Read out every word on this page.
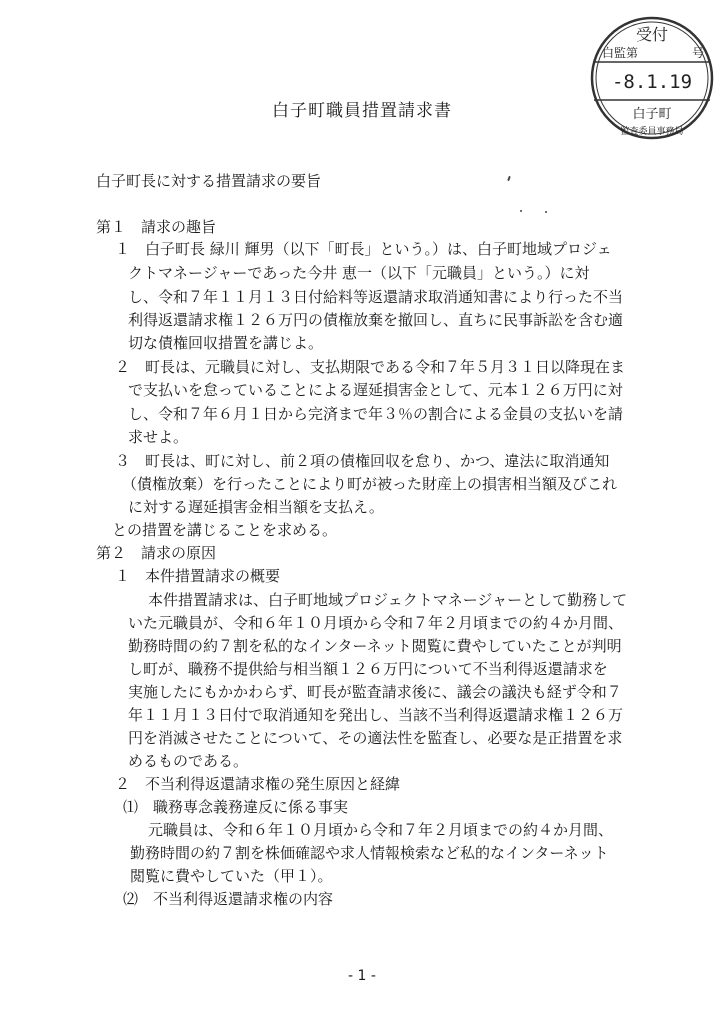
受付
白監第	号
-8.1.19
白子町
監査委員事務局
白子町職員措置請求書
白子町長に対する措置請求の要旨
第１　請求の趣旨
１　白子町長 緑川 輝男（以下「町長」という。）は、白子町地域プロジェ
クトマネージャーであった今井 恵一（以下「元職員」という。）に対
し、令和７年１１月１３日付給料等返還請求取消通知書により行った不当
利得返還請求権１２６万円の債権放棄を撤回し、直ちに民事訴訟を含む適
切な債権回収措置を講じよ。
２　町長は、元職員に対し、支払期限である令和７年５月３１日以降現在ま
で支払いを怠っていることによる遅延損害金として、元本１２６万円に対
し、令和７年６月１日から完済まで年３％の割合による金員の支払いを請
求せよ。
３　町長は、町に対し、前２項の債権回収を怠り、かつ、違法に取消通知
（債権放棄）を行ったことにより町が被った財産上の損害相当額及びこれ
に対する遅延損害金相当額を支払え。
との措置を講じることを求める。
第２　請求の原因
１　本件措置請求の概要
本件措置請求は、白子町地域プロジェクトマネージャーとして勤務して
いた元職員が、令和６年１０月頃から令和７年２月頃までの約４か月間、
勤務時間の約７割を私的なインターネット閲覧に費やしていたことが判明
し町が、職務不提供給与相当額１２６万円について不当利得返還請求を
実施したにもかかわらず、町長が監査請求後に、議会の議決も経ず令和７
年１１月１３日付で取消通知を発出し、当該不当利得返還請求権１２６万
円を消滅させたことについて、その適法性を監査し、必要な是正措置を求
めるものである。
２　不当利得返還請求権の発生原因と経緯
⑴　職務専念義務違反に係る事実
元職員は、令和６年１０月頃から令和７年２月頃までの約４か月間、
勤務時間の約７割を株価確認や求人情報検索など私的なインターネット
閲覧に費やしていた（甲１）。
⑵　不当利得返還請求権の内容
- 1 -
